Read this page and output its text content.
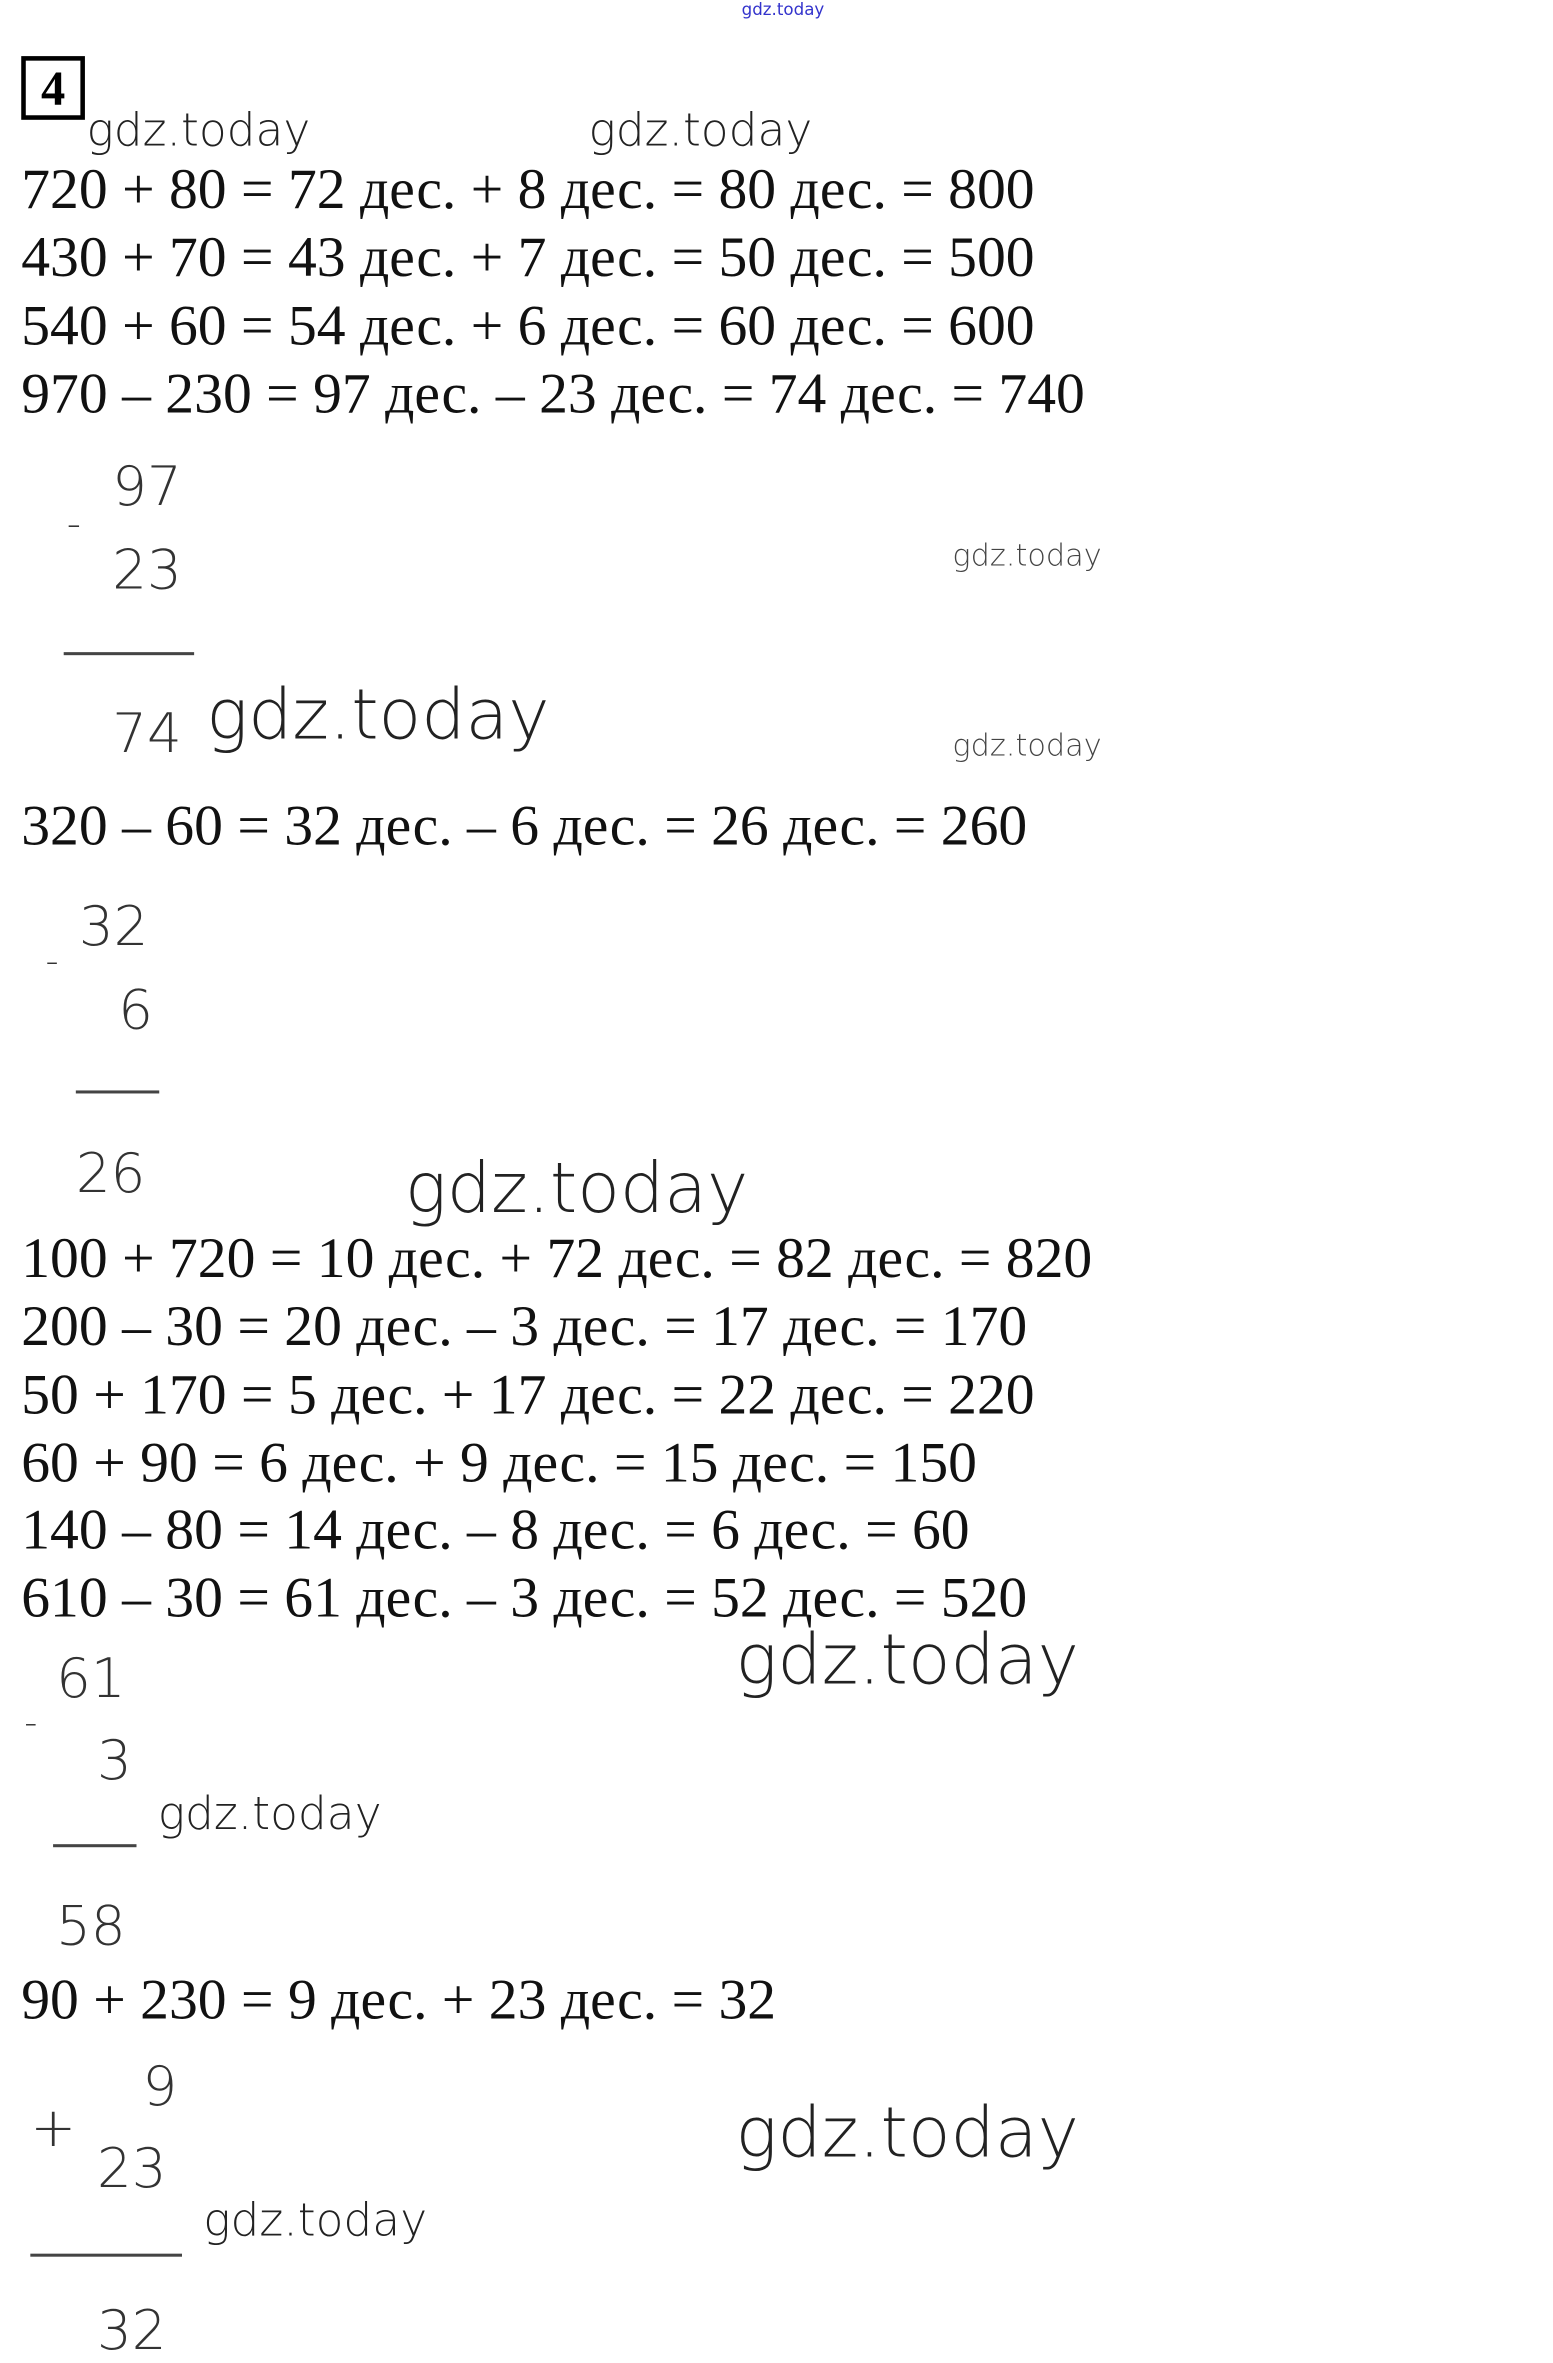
gdz.today
4
gdz.today	gdz.today
720 + 80 = 72 дес. + 8 дес. = 80 дес. = 800
430 + 70 = 43 дес. + 7 дес. = 50 дес. = 500
540 + 60 = 54 дес. + 6 дес. = 60 дес. = 600
970 – 230 = 97 дес. – 23 дес. = 74 дес. = 740
-
97
23
74 gdz.today
gdz.today
gdz.today
320 – 60 = 32 дес. – 6 дес. = 26 дес. = 260
-
32
6
26	gdz.today
100 + 720 = 10 дес. + 72 дес. = 82 дес. = 820
200 – 30 = 20 дес. – 3 дес. = 17 дес. = 170
50 + 170 = 5 дес. + 17 дес. = 22 дес. = 220
60 + 90 = 6 дес. + 9 дес. = 15 дес. = 150
140 – 80 = 14 дес. – 8 дес. = 6 дес. = 60
610 – 30 = 61 дес. – 3 дес. = 52 дес. = 520
gdz.today
-
61
3
gdz.today
58
90 + 230 = 9 дес. + 23 дес. = 32
+
9
23
gdz.today
32
gdz.today
